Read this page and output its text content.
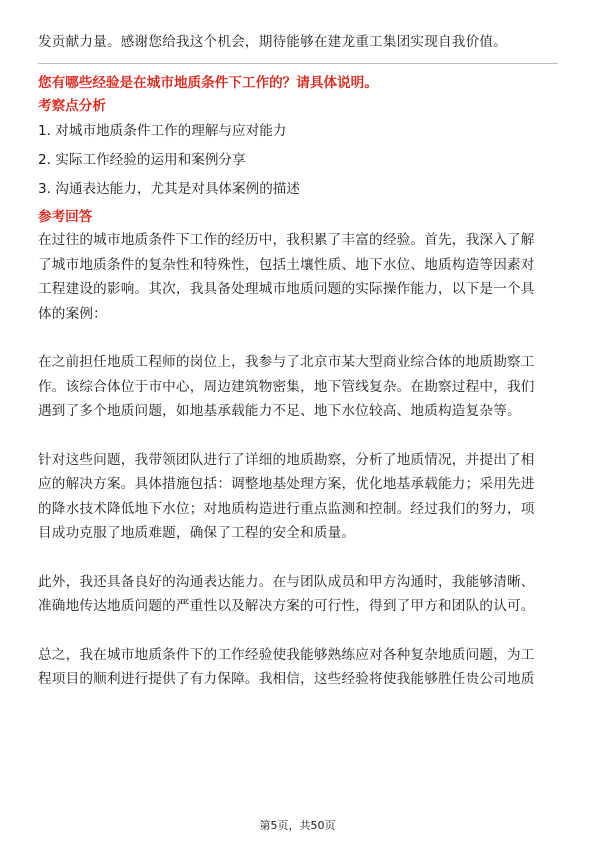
发贡献力量。感谢您给我这个机会，期待能够在建龙重工集团实现自我价值。
您有哪些经验是在城市地质条件下工作的？请具体说明。
考察点分析
1. 对城市地质条件工作的理解与应对能力
2. 实际工作经验的运用和案例分享
3. 沟通表达能力，尤其是对具体案例的描述
参考回答
在过往的城市地质条件下工作的经历中，我积累了丰富的经验。首先，我深入了解
了城市地质条件的复杂性和特殊性，包括土壤性质、地下水位、地质构造等因素对
工程建设的影响。其次，我具备处理城市地质问题的实际操作能力，以下是一个具
体的案例：
在之前担任地质工程师的岗位上，我参与了北京市某大型商业综合体的地质勘察工
作。该综合体位于市中心，周边建筑物密集，地下管线复杂。在勘察过程中，我们
遇到了多个地质问题，如地基承载能力不足、地下水位较高、地质构造复杂等。
针对这些问题，我带领团队进行了详细的地质勘察，分析了地质情况，并提出了相
应的解决方案。具体措施包括：调整地基处理方案，优化地基承载能力；采用先进
的降水技术降低地下水位；对地质构造进行重点监测和控制。经过我们的努力，项
目成功克服了地质难题，确保了工程的安全和质量。
此外，我还具备良好的沟通表达能力。在与团队成员和甲方沟通时，我能够清晰、
准确地传达地质问题的严重性以及解决方案的可行性，得到了甲方和团队的认可。
总之，我在城市地质条件下的工作经验使我能够熟练应对各种复杂地质问题，为工
程项目的顺利进行提供了有力保障。我相信，这些经验将使我能够胜任贵公司地质
第5页，共50页
